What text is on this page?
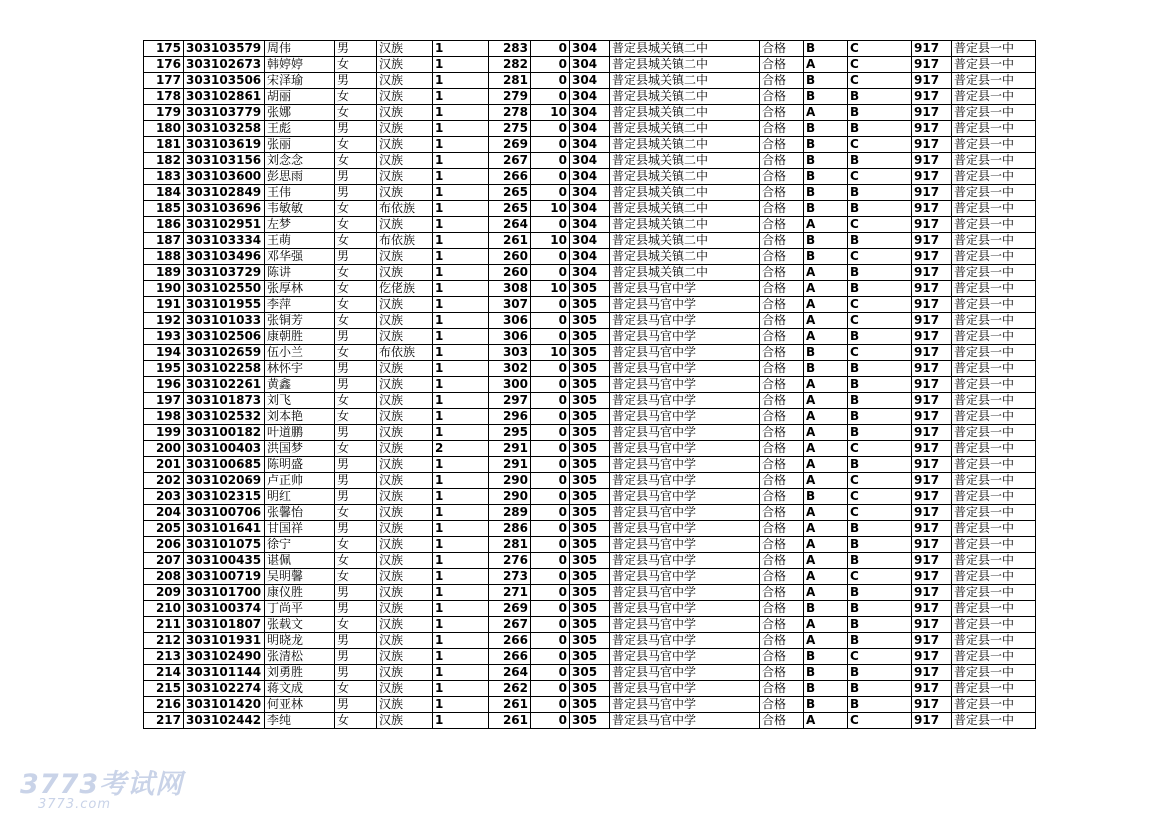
175	303103579	周伟	男	汉族	1	283	0	304	普定县城关镇二中	合格	B	C	917	普定县一中
176	303102673	韩婷婷	女	汉族	1	282	0	304	普定县城关镇二中	合格	A	C	917	普定县一中
177	303103506	宋泽瑜	男	汉族	1	281	0	304	普定县城关镇二中	合格	B	C	917	普定县一中
178	303102861	胡丽	女	汉族	1	279	0	304	普定县城关镇二中	合格	B	B	917	普定县一中
179	303103779	张娜	女	汉族	1	278	10	304	普定县城关镇二中	合格	A	B	917	普定县一中
180	303103258	王彪	男	汉族	1	275	0	304	普定县城关镇二中	合格	B	B	917	普定县一中
181	303103619	张丽	女	汉族	1	269	0	304	普定县城关镇二中	合格	B	C	917	普定县一中
182	303103156	刘念念	女	汉族	1	267	0	304	普定县城关镇二中	合格	B	B	917	普定县一中
183	303103600	彭思雨	男	汉族	1	266	0	304	普定县城关镇二中	合格	B	C	917	普定县一中
184	303102849	王伟	男	汉族	1	265	0	304	普定县城关镇二中	合格	B	B	917	普定县一中
185	303103696	韦敏敏	女	布依族	1	265	10	304	普定县城关镇二中	合格	B	B	917	普定县一中
186	303102951	左梦	女	汉族	1	264	0	304	普定县城关镇二中	合格	A	C	917	普定县一中
187	303103334	王萌	女	布依族	1	261	10	304	普定县城关镇二中	合格	B	B	917	普定县一中
188	303103496	邓华强	男	汉族	1	260	0	304	普定县城关镇二中	合格	B	C	917	普定县一中
189	303103729	陈讲	女	汉族	1	260	0	304	普定县城关镇二中	合格	A	B	917	普定县一中
190	303102550	张厚林	女	仡佬族	1	308	10	305	普定县马官中学	合格	A	B	917	普定县一中
191	303101955	李萍	女	汉族	1	307	0	305	普定县马官中学	合格	A	C	917	普定县一中
192	303101033	张铜芳	女	汉族	1	306	0	305	普定县马官中学	合格	A	C	917	普定县一中
193	303102506	康朝胜	男	汉族	1	306	0	305	普定县马官中学	合格	A	B	917	普定县一中
194	303102659	伍小兰	女	布依族	1	303	10	305	普定县马官中学	合格	B	C	917	普定县一中
195	303102258	林怀宇	男	汉族	1	302	0	305	普定县马官中学	合格	B	B	917	普定县一中
196	303102261	黄鑫	男	汉族	1	300	0	305	普定县马官中学	合格	A	B	917	普定县一中
197	303101873	刘飞	女	汉族	1	297	0	305	普定县马官中学	合格	A	B	917	普定县一中
198	303102532	刘本艳	女	汉族	1	296	0	305	普定县马官中学	合格	A	B	917	普定县一中
199	303100182	叶道鹏	男	汉族	1	295	0	305	普定县马官中学	合格	A	B	917	普定县一中
200	303100403	洪国梦	女	汉族	2	291	0	305	普定县马官中学	合格	A	C	917	普定县一中
201	303100685	陈明盛	男	汉族	1	291	0	305	普定县马官中学	合格	A	B	917	普定县一中
202	303102069	卢正帅	男	汉族	1	290	0	305	普定县马官中学	合格	A	C	917	普定县一中
203	303102315	明红	男	汉族	1	290	0	305	普定县马官中学	合格	B	C	917	普定县一中
204	303100706	张馨怡	女	汉族	1	289	0	305	普定县马官中学	合格	A	C	917	普定县一中
205	303101641	甘国祥	男	汉族	1	286	0	305	普定县马官中学	合格	A	B	917	普定县一中
206	303101075	徐宁	女	汉族	1	281	0	305	普定县马官中学	合格	A	B	917	普定县一中
207	303100435	谌佩	女	汉族	1	276	0	305	普定县马官中学	合格	A	B	917	普定县一中
208	303100719	吴明馨	女	汉族	1	273	0	305	普定县马官中学	合格	A	C	917	普定县一中
209	303101700	康仪胜	男	汉族	1	271	0	305	普定县马官中学	合格	A	B	917	普定县一中
210	303100374	丁尚平	男	汉族	1	269	0	305	普定县马官中学	合格	B	B	917	普定县一中
211	303101807	张载文	女	汉族	1	267	0	305	普定县马官中学	合格	A	B	917	普定县一中
212	303101931	明晓龙	男	汉族	1	266	0	305	普定县马官中学	合格	A	B	917	普定县一中
213	303102490	张清松	男	汉族	1	266	0	305	普定县马官中学	合格	B	C	917	普定县一中
214	303101144	刘勇胜	男	汉族	1	264	0	305	普定县马官中学	合格	B	B	917	普定县一中
215	303102274	蒋文成	女	汉族	1	262	0	305	普定县马官中学	合格	B	B	917	普定县一中
216	303101420	何亚林	男	汉族	1	261	0	305	普定县马官中学	合格	B	B	917	普定县一中
217	303102442	李纯	女	汉族	1	261	0	305	普定县马官中学	合格	A	C	917	普定县一中
3773考试网
3773.com
